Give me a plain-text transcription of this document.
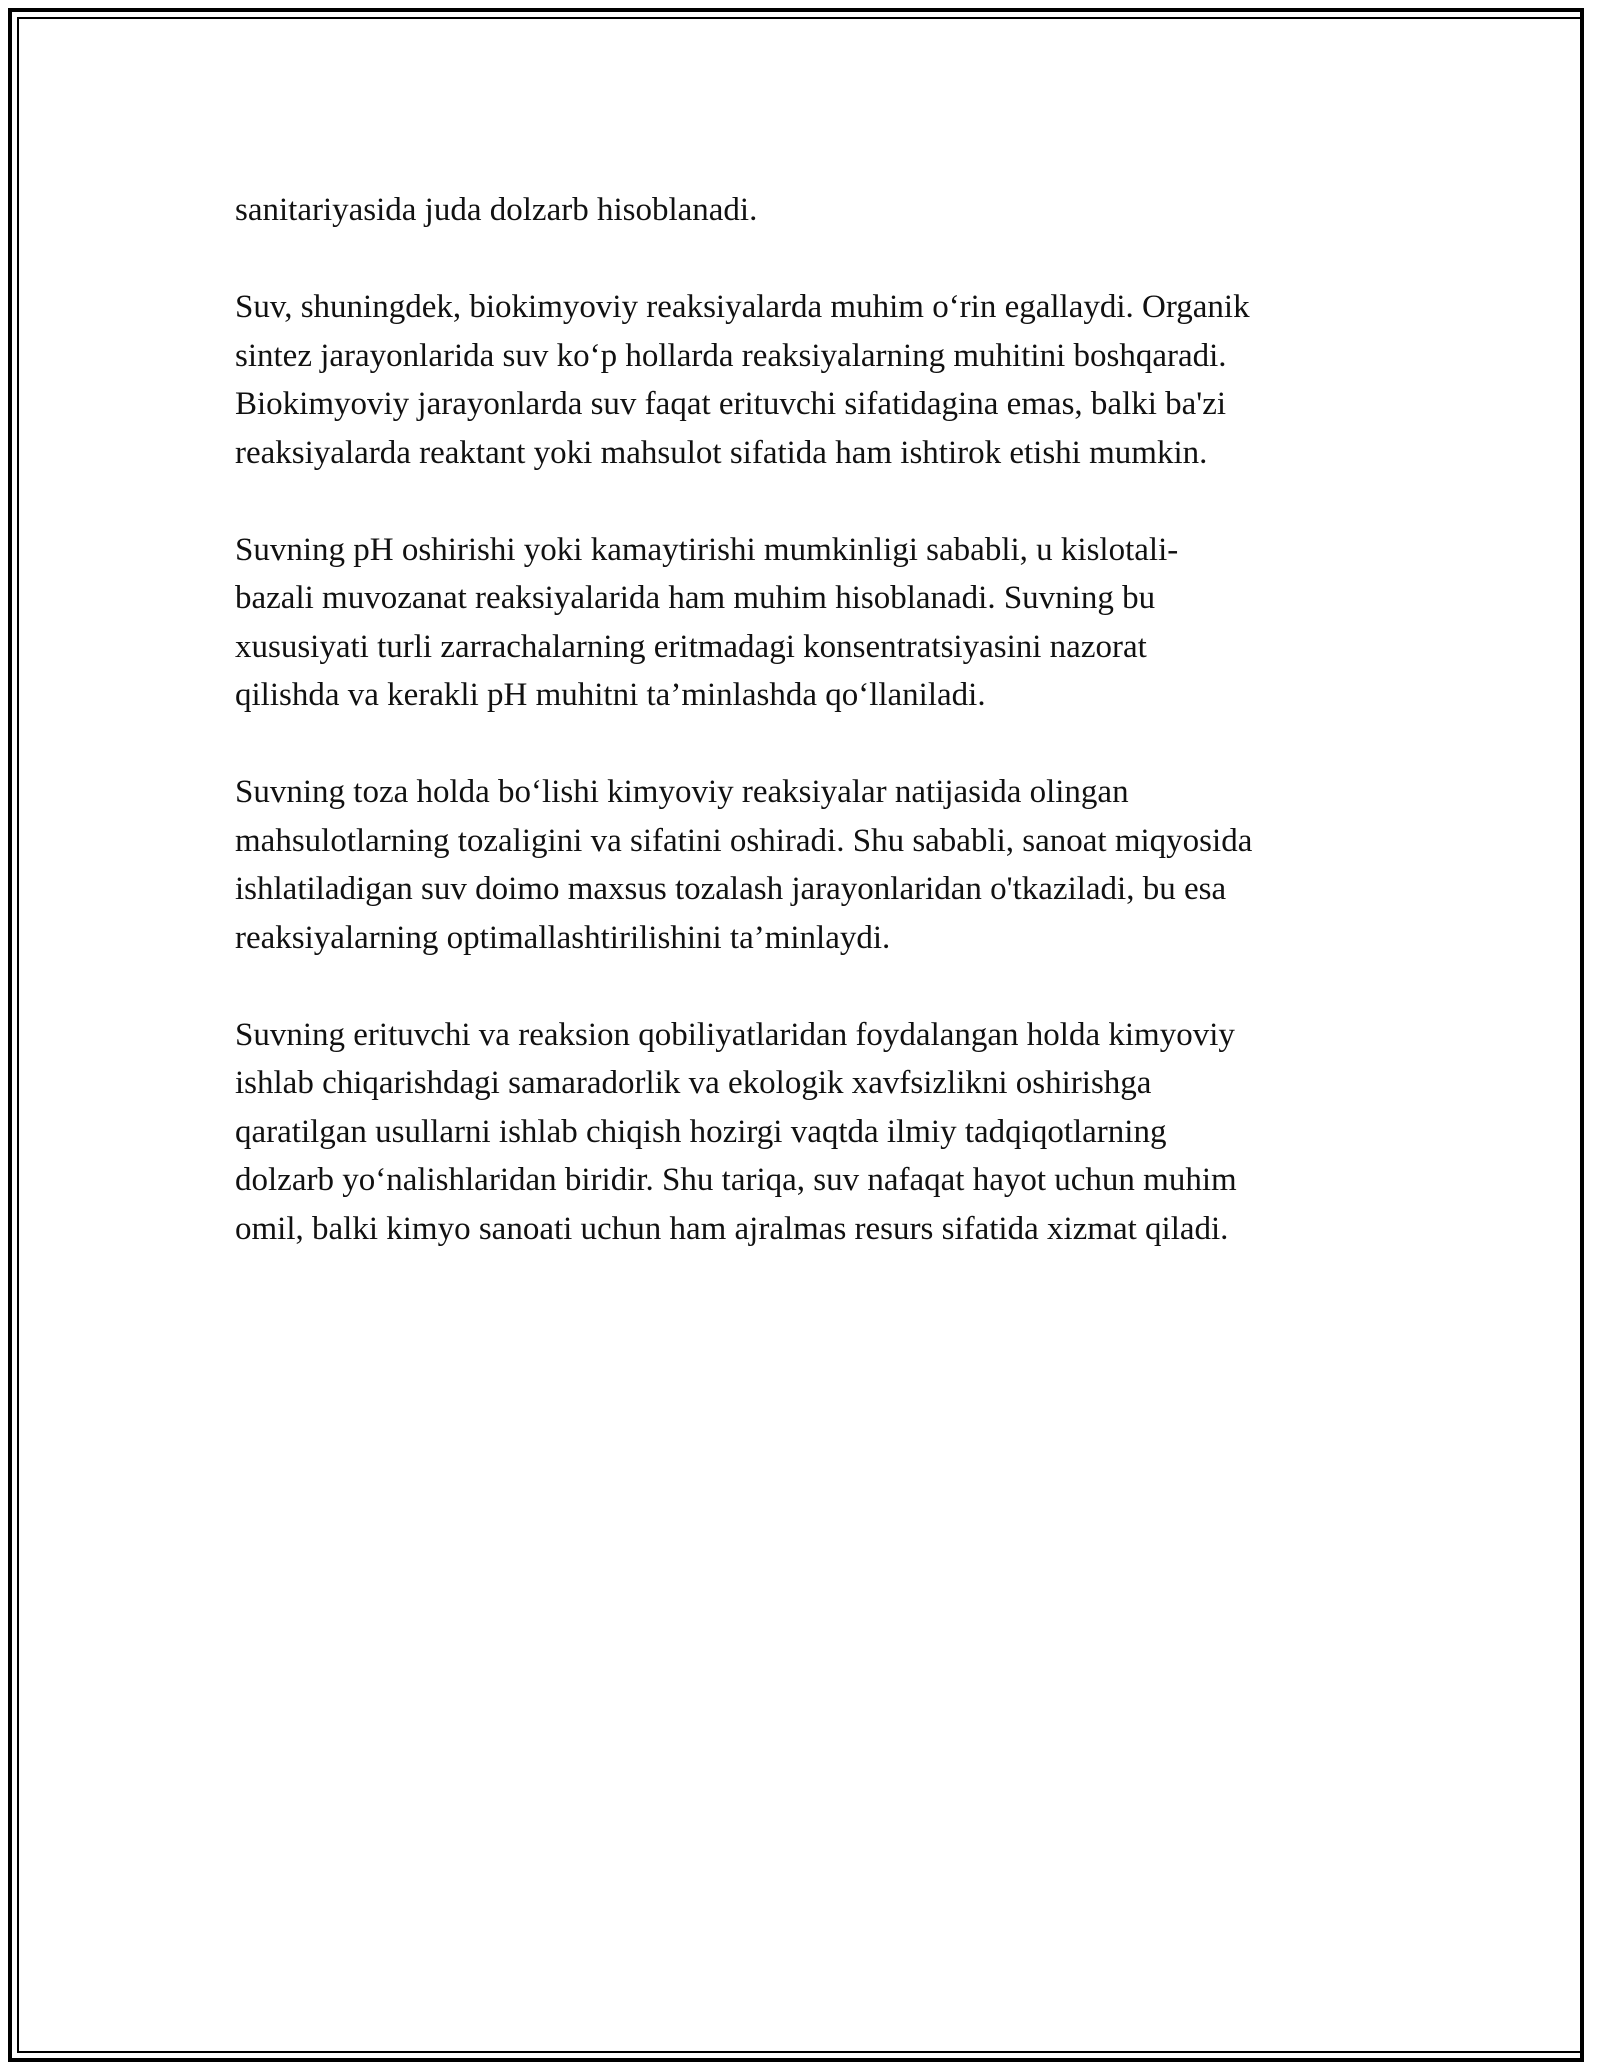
sanitariyasida juda dolzarb hisoblanadi.

Suv, shuningdek, biokimyoviy reaksiyalarda muhim o‘rin egallaydi. Organik
sintez jarayonlarida suv ko‘p hollarda reaksiyalarning muhitini boshqaradi.
Biokimyoviy jarayonlarda suv faqat erituvchi sifatidagina emas, balki ba'zi
reaksiyalarda reaktant yoki mahsulot sifatida ham ishtirok etishi mumkin.

Suvning pH oshirishi yoki kamaytirishi mumkinligi sababli, u kislotali-
bazali muvozanat reaksiyalarida ham muhim hisoblanadi. Suvning bu
xususiyati turli zarrachalarning eritmadagi konsentratsiyasini nazorat
qilishda va kerakli pH muhitni ta’minlashda qo‘llaniladi.

Suvning toza holda bo‘lishi kimyoviy reaksiyalar natijasida olingan
mahsulotlarning tozaligini va sifatini oshiradi. Shu sababli, sanoat miqyosida
ishlatiladigan suv doimo maxsus tozalash jarayonlaridan o'tkaziladi, bu esa
reaksiyalarning optimallashtirilishini ta’minlaydi.

Suvning erituvchi va reaksion qobiliyatlaridan foydalangan holda kimyoviy
ishlab chiqarishdagi samaradorlik va ekologik xavfsizlikni oshirishga
qaratilgan usullarni ishlab chiqish hozirgi vaqtda ilmiy tadqiqotlarning
dolzarb yo‘nalishlaridan biridir. Shu tariqa, suv nafaqat hayot uchun muhim
omil, balki kimyo sanoati uchun ham ajralmas resurs sifatida xizmat qiladi.
